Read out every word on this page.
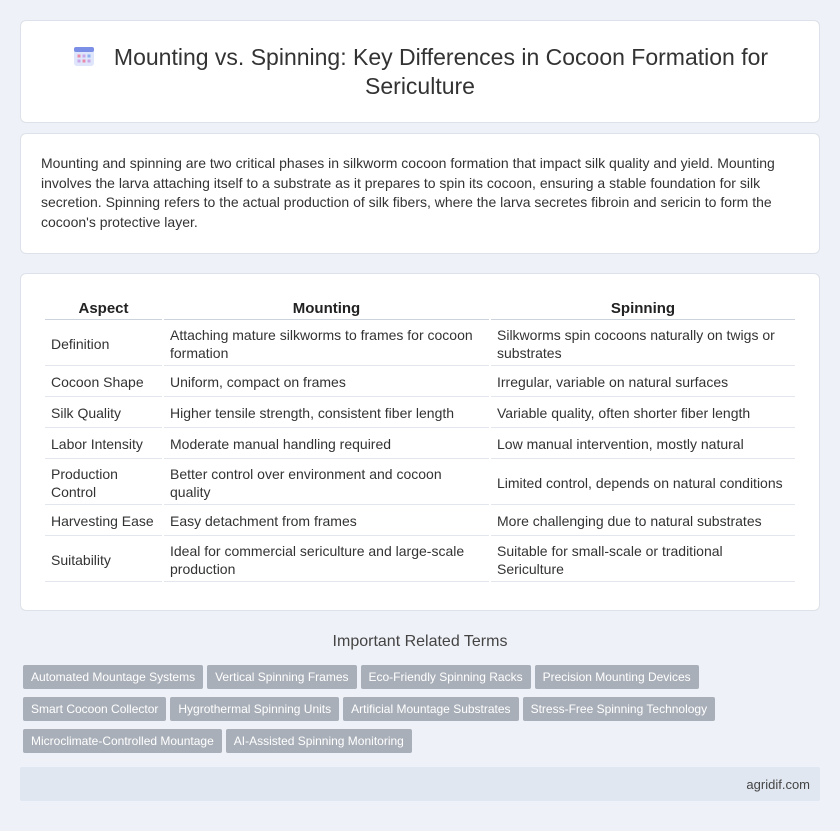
Mounting vs. Spinning: Key Differences in Cocoon Formation for Sericulture

Mounting and spinning are two critical phases in silkworm cocoon formation that impact silk quality and yield. Mounting involves the larva attaching itself to a substrate as it prepares to spin its cocoon, ensuring a stable foundation for silk secretion. Spinning refers to the actual production of silk fibers, where the larva secretes fibroin and sericin to form the cocoon's protective layer.

Aspect	Mounting	Spinning
Definition	Attaching mature silkworms to frames for cocoon formation	Silkworms spin cocoons naturally on twigs or substrates
Cocoon Shape	Uniform, compact on frames	Irregular, variable on natural surfaces
Silk Quality	Higher tensile strength, consistent fiber length	Variable quality, often shorter fiber length
Labor Intensity	Moderate manual handling required	Low manual intervention, mostly natural
Production Control	Better control over environment and cocoon quality	Limited control, depends on natural conditions
Harvesting Ease	Easy detachment from frames	More challenging due to natural substrates
Suitability	Ideal for commercial sericulture and large-scale production	Suitable for small-scale or traditional Sericulture
Important Related Terms
Automated Mountage Systems Vertical Spinning Frames Eco-Friendly Spinning Racks Precision Mounting Devices
Smart Cocoon Collector Hygrothermal Spinning Units Artificial Mountage Substrates Stress-Free Spinning Technology
Microclimate-Controlled Mountage AI-Assisted Spinning Monitoring
agridif.com
